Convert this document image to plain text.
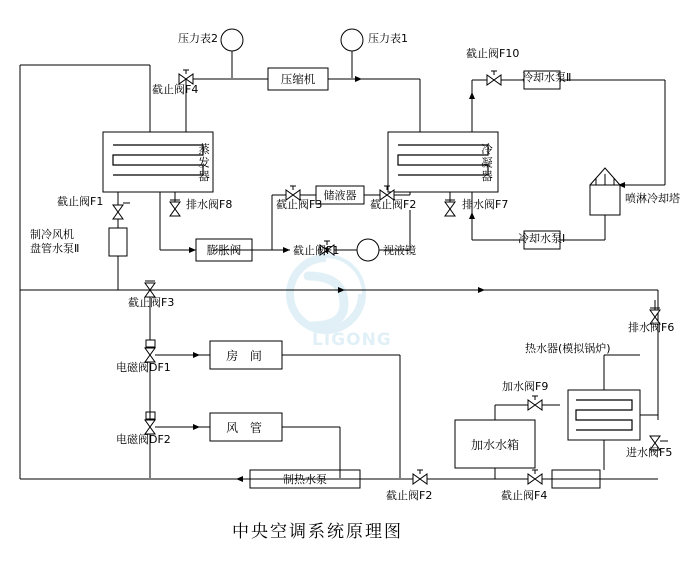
LIGONG
压力表2	压力表1
压缩机
截止阀F4
截止阀F10
冷却水泵Ⅱ
冷却水泵Ⅰ
蒸发器	冷凝器
截止阀F1
制冷风机
盘管水泵Ⅱ
排水阀F8	排水阀F7
储液器
截止阀F3	截止阀F2
膨胀阀	截止阀F1	视液镜
喷淋冷却塔
截止阀F3
电磁阀DF1
电磁阀DF2
房 间
风 管
排水阀F6
热水器(模拟锅炉)
加水阀F9
加水水箱
进水阀F5
制热水泵
截止阀F2	截止阀F4
中央空调系统原理图
